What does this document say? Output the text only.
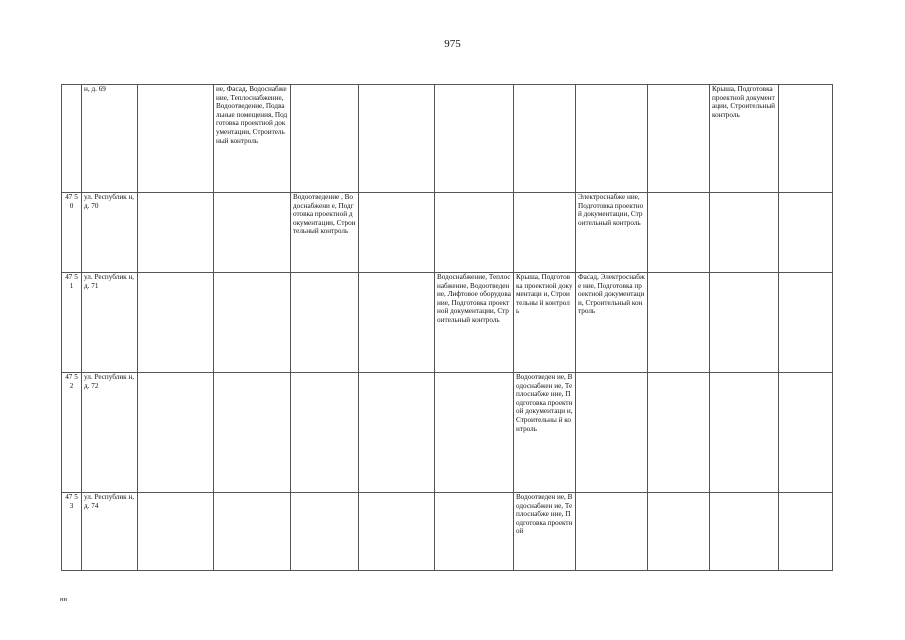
975
	н, д. 69		ие, Фасад, Водоснабжение, Теплоснабжение, Водоотведение, Подвальные помещения, Подготовка проектной документации, Строительный контроль							Крыша, Подготовка проектной документации, Строительный контроль	
47 50	ул. Республик н, д. 70			Водоотведение , Водоснабжени е, Подготовка проектной документации, Строительный контроль				Электроснабже ние, Подготовка проектной документации, Строительный контроль			
47 51	ул. Республик н, д. 71					Водоснабжение, Теплоснабжение, Водоотведение, Лифтовое оборудование, Подготовка проектной документации, Строительный контроль	Крыша, Подготовка проектной документаци и, Строительны й контроль	Фасад, Электроснабже ние, Подготовка проектной документации, Строительный контроль			
47 52	ул. Республик н, д. 72						Водоотведен ие, Водоснабжен ие, Теплоснабже ние, Подготовка проектной документаци и, Строительны й контроль				
47 53	ул. Республик н, д. 74						Водоотведен ие, Водоснабжен ие, Теплоснабже ние, Подготовка проектной				
нн
